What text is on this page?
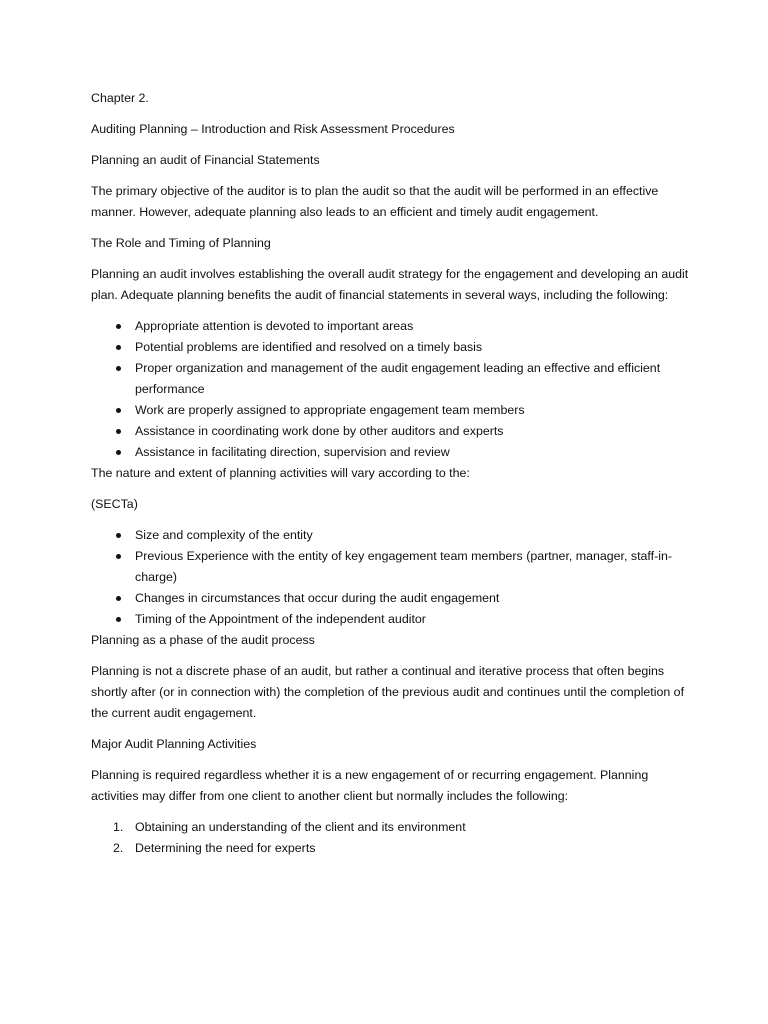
Chapter 2.

Auditing Planning – Introduction and Risk Assessment Procedures

Planning an audit of Financial Statements

The primary objective of the auditor is to plan the audit so that the audit will be performed in an effective manner. However, adequate planning also leads to an efficient and timely audit engagement.

The Role and Timing of Planning

Planning an audit involves establishing the overall audit strategy for the engagement and developing an audit plan. Adequate planning benefits the audit of financial statements in several ways, including the following:

Appropriate attention is devoted to important areas
Potential problems are identified and resolved on a timely basis
Proper organization and management of the audit engagement leading an effective and efficient performance
Work are properly assigned to appropriate engagement team members
Assistance in coordinating work done by other auditors and experts
Assistance in facilitating direction, supervision and review

The nature and extent of planning activities will vary according to the:

(SECTa)

Size and complexity of the entity
Previous Experience with the entity of key engagement team members (partner, manager, staff-in-charge)
Changes in circumstances that occur during the audit engagement
Timing of the Appointment of the independent auditor

Planning as a phase of the audit process

Planning is not a discrete phase of an audit, but rather a continual and iterative process that often begins shortly after (or in connection with) the completion of the previous audit and continues until the completion of the current audit engagement.

Major Audit Planning Activities

Planning is required regardless whether it is a new engagement of or recurring engagement. Planning activities may differ from one client to another client but normally includes the following:

1. Obtaining an understanding of the client and its environment
2. Determining the need for experts
